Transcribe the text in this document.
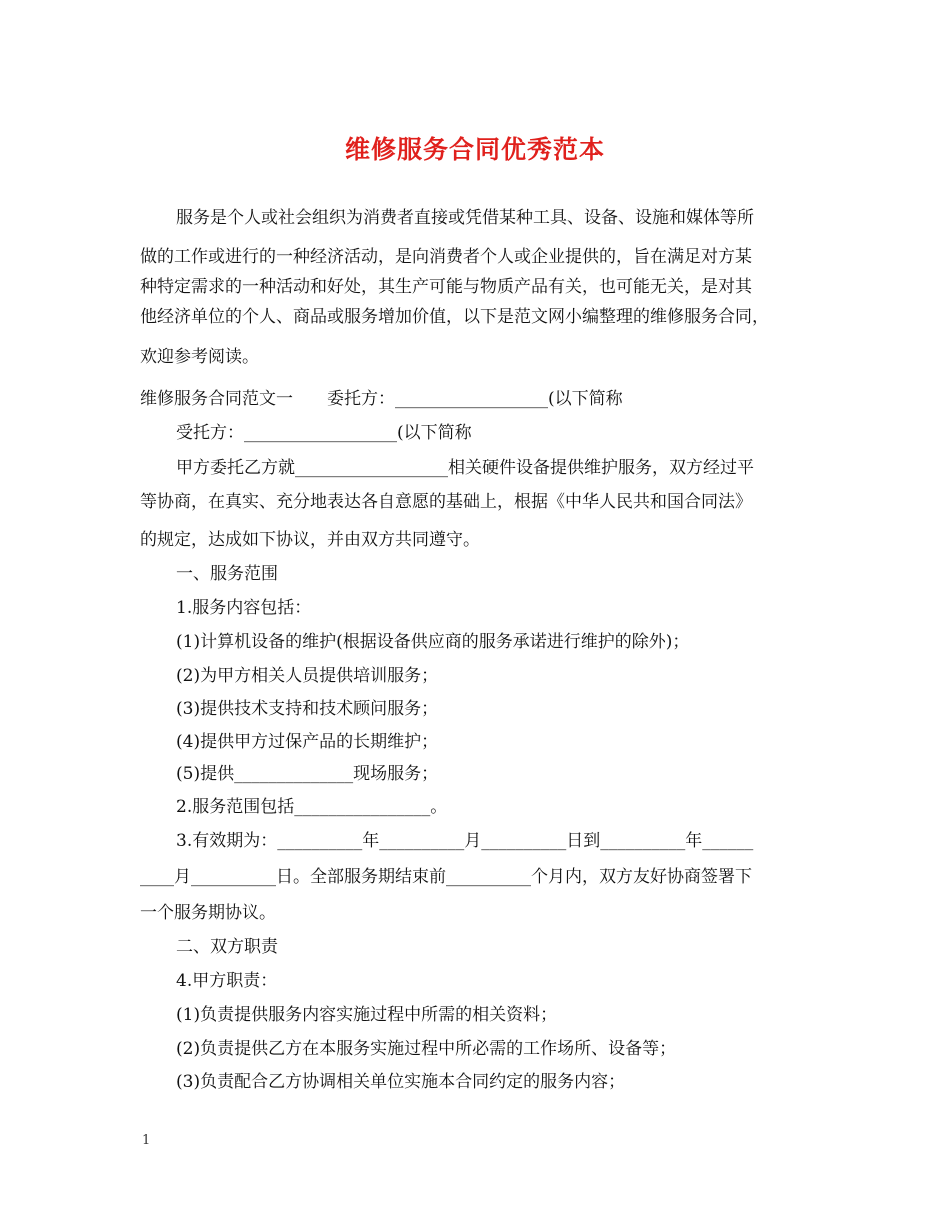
维修服务合同优秀范本
服务是个人或社会组织为消费者直接或凭借某种工具、设备、设施和媒体等所
做的工作或进行的一种经济活动，是向消费者个人或企业提供的，旨在满足对方某
种特定需求的一种活动和好处，其生产可能与物质产品有关，也可能无关，是对其
他经济单位的个人、商品或服务增加价值，以下是范文网小编整理的维修服务合同，
欢迎参考阅读。
维修服务合同范文一　　委托方：__________________(以下简称
受托方：__________________(以下简称
甲方委托乙方就__________________相关硬件设备提供维护服务，双方经过平
等协商，在真实、充分地表达各自意愿的基础上，根据《中华人民共和国合同法》
的规定，达成如下协议，并由双方共同遵守。
一、服务范围
1.服务内容包括：
(1)计算机设备的维护(根据设备供应商的服务承诺进行维护的除外)；
(2)为甲方相关人员提供培训服务；
(3)提供技术支持和技术顾问服务；
(4)提供甲方过保产品的长期维护；
(5)提供______________现场服务；
2.服务范围包括________________。
3.有效期为：__________年__________月__________日到__________年______
____月__________日。全部服务期结束前__________个月内，双方友好协商签署下
一个服务期协议。
二、双方职责
4.甲方职责：
(1)负责提供服务内容实施过程中所需的相关资料；
(2)负责提供乙方在本服务实施过程中所必需的工作场所、设备等；
(3)负责配合乙方协调相关单位实施本合同约定的服务内容；
1
